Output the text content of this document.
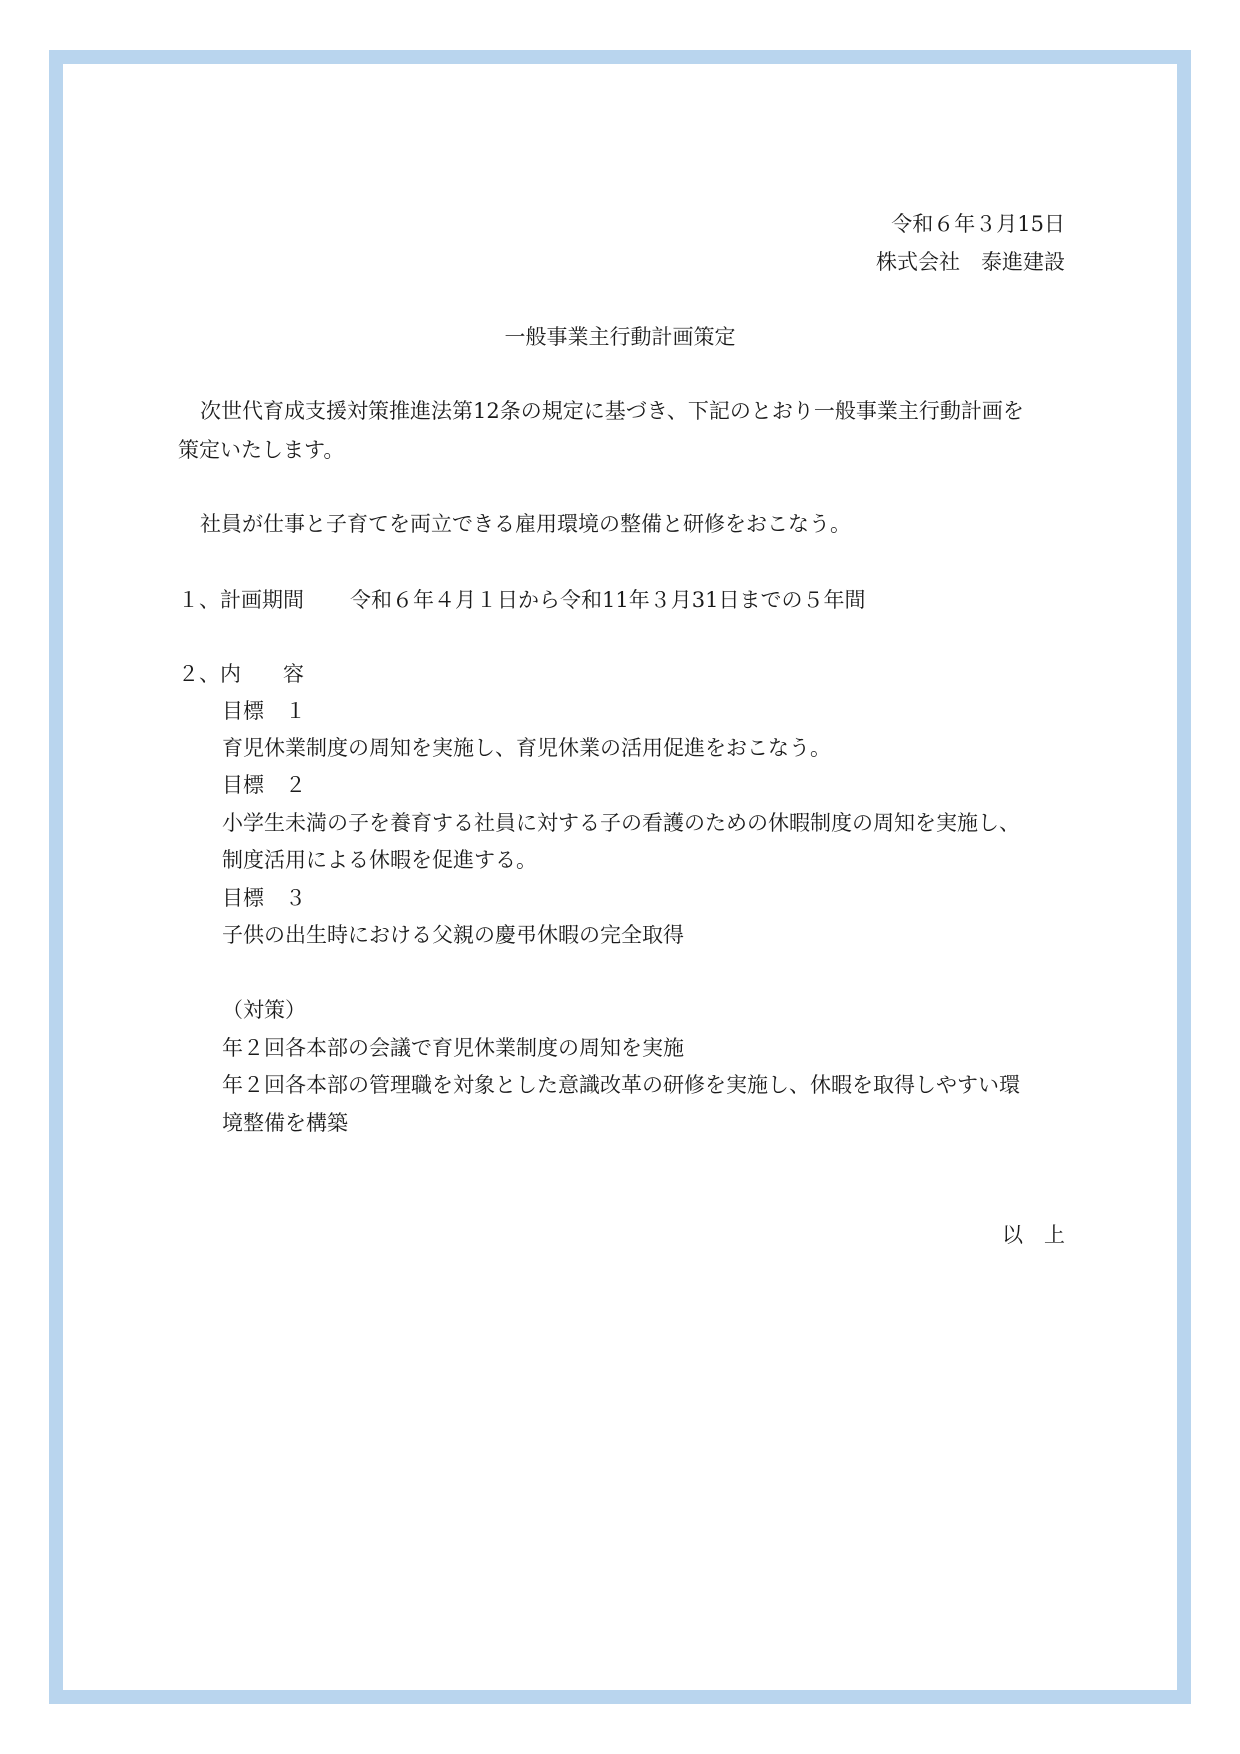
令和６年３月15日
株式会社　泰進建設
一般事業主行動計画策定
次世代育成支援対策推進法第12条の規定に基づき、下記のとおり一般事業主行動計画を
策定いたします。
社員が仕事と子育てを両立できる雇用環境の整備と研修をおこなう。
１、計画期間 令和６年４月１日から令和11年３月31日までの５年間
２、内　　容
目標　１
育児休業制度の周知を実施し、育児休業の活用促進をおこなう。
目標　２
小学生未満の子を養育する社員に対する子の看護のための休暇制度の周知を実施し、
制度活用による休暇を促進する。
目標　３
子供の出生時における父親の慶弔休暇の完全取得
（対策）
年２回各本部の会議で育児休業制度の周知を実施
年２回各本部の管理職を対象とした意識改革の研修を実施し、休暇を取得しやすい環
境整備を構築
以　上
